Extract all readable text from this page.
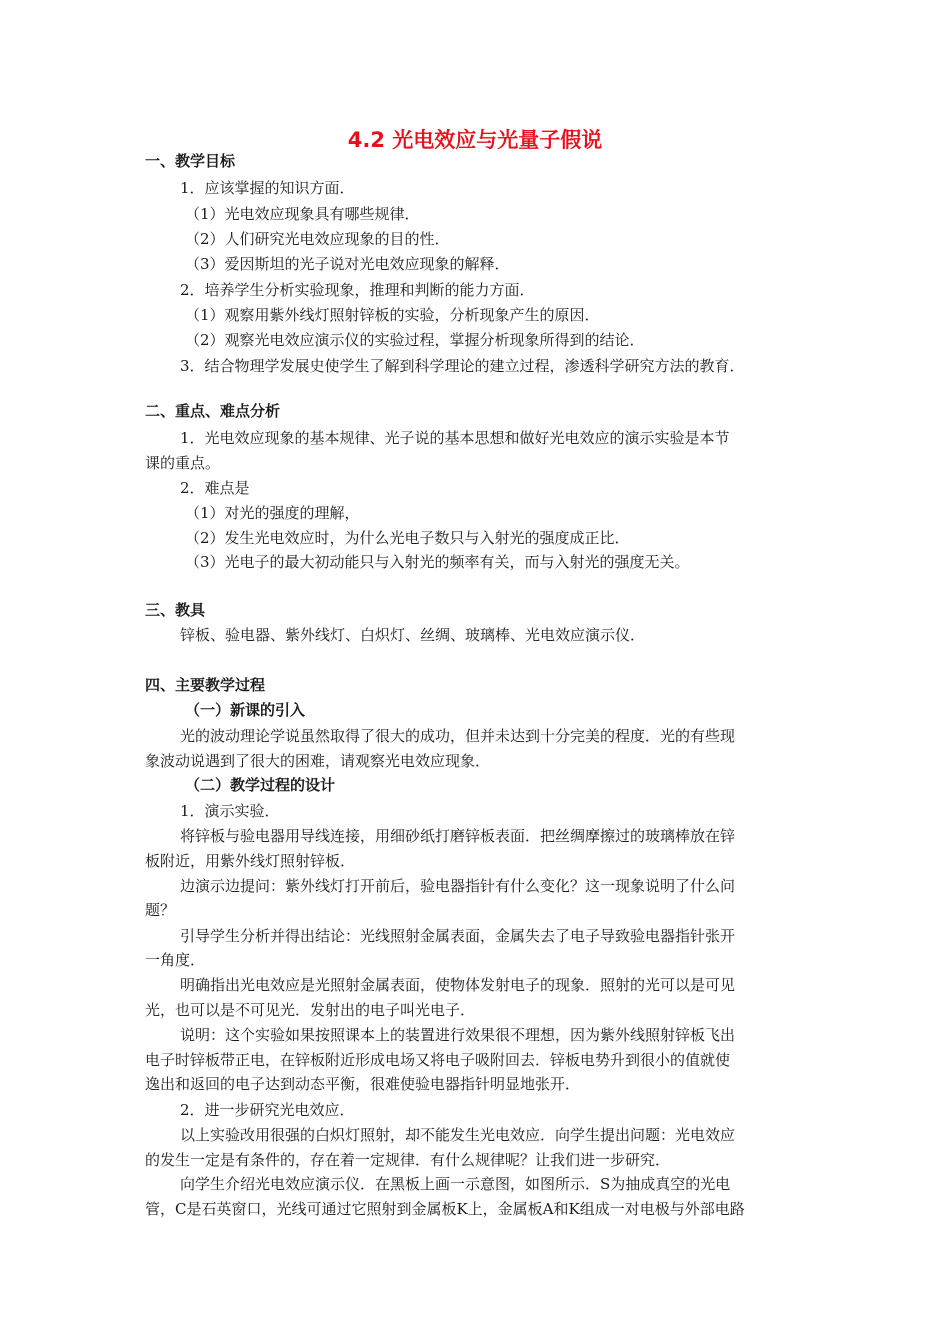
4.2 光电效应与光量子假说
一、教学目标
1．应该掌握的知识方面．
（1）光电效应现象具有哪些规律．
（2）人们研究光电效应现象的目的性．
（3）爱因斯坦的光子说对光电效应现象的解释．
2．培养学生分析实验现象，推理和判断的能力方面．
（1）观察用紫外线灯照射锌板的实验，分析现象产生的原因．
（2）观察光电效应演示仪的实验过程，掌握分析现象所得到的结论．
3．结合物理学发展史使学生了解到科学理论的建立过程，渗透科学研究方法的教育．
二、重点、难点分析
1．光电效应现象的基本规律、光子说的基本思想和做好光电效应的演示实验是本节
课的重点。
2．难点是
（1）对光的强度的理解，
（2）发生光电效应时，为什么光电子数只与入射光的强度成正比．
（3）光电子的最大初动能只与入射光的频率有关，而与入射光的强度无关。
三、教具
锌板、验电器、紫外线灯、白炽灯、丝绸、玻璃棒、光电效应演示仪．
四、主要教学过程
（一）新课的引入
光的波动理论学说虽然取得了很大的成功，但并未达到十分完美的程度．光的有些现
象波动说遇到了很大的困难，请观察光电效应现象．
（二）教学过程的设计
1．演示实验．
将锌板与验电器用导线连接，用细砂纸打磨锌板表面．把丝绸摩擦过的玻璃棒放在锌
板附近，用紫外线灯照射锌板．
边演示边提问：紫外线灯打开前后，验电器指针有什么变化？这一现象说明了什么问
题？
引导学生分析并得出结论：光线照射金属表面，金属失去了电子导致验电器指针张开
一角度．
明确指出光电效应是光照射金属表面，使物体发射电子的现象．照射的光可以是可见
光，也可以是不可见光．发射出的电子叫光电子．
说明：这个实验如果按照课本上的装置进行效果很不理想，因为紫外线照射锌板飞出
电子时锌板带正电，在锌板附近形成电场又将电子吸附回去．锌板电势升到很小的值就使
逸出和返回的电子达到动态平衡，很难使验电器指针明显地张开．
2．进一步研究光电效应．
以上实验改用很强的白炽灯照射，却不能发生光电效应．向学生提出问题：光电效应
的发生一定是有条件的，存在着一定规律．有什么规律呢？让我们进一步研究．
向学生介绍光电效应演示仪．在黑板上画一示意图，如图所示．S为抽成真空的光电
管，C是石英窗口，光线可通过它照射到金属板K上，金属板A和K组成一对电极与外部电路
